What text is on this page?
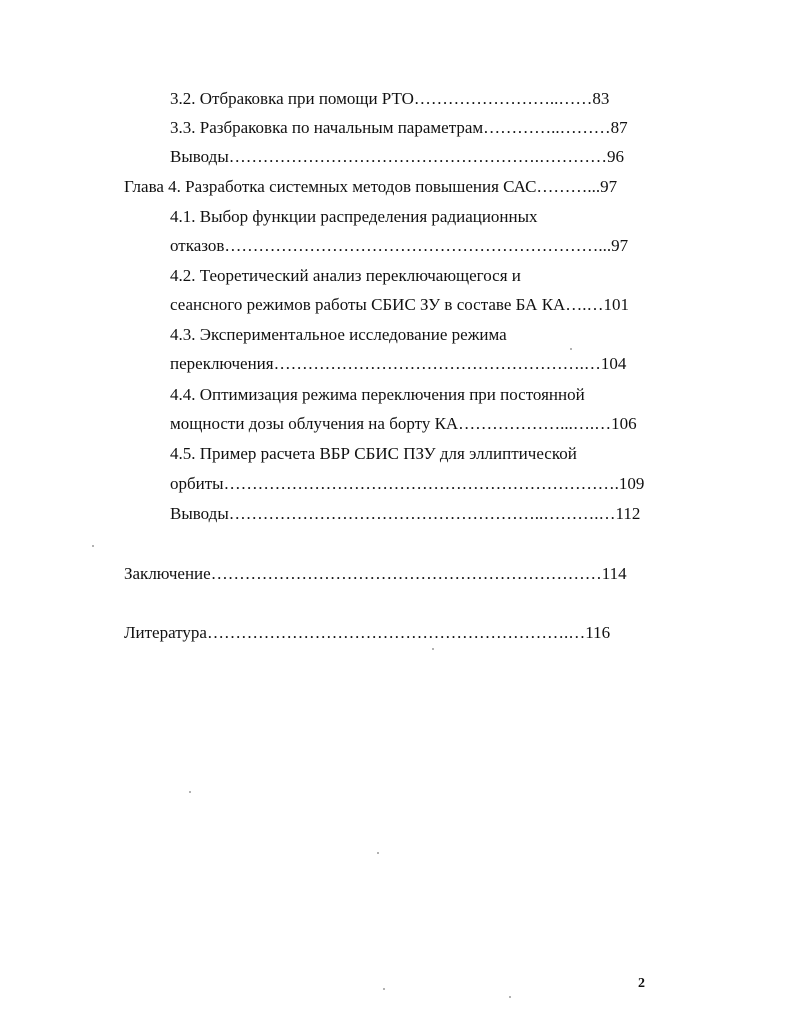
3.2. Отбраковка при помощи РТО……………………..……83
3.3. Разбраковка по начальным параметрам…………..………87
Выводы……………………………………………….…………96
Глава 4. Разработка системных методов повышения САС………...97
4.1. Выбор функции распределения радиационных
отказов…………………………………………………………...97
4.2. Теоретический анализ переключающегося и
сеансного режимов работы СБИС ЗУ в составе БА КА….…101
4.3. Экспериментальное исследование режима
переключения……………………………………………….…104
4.4. Оптимизация режима переключения при постоянной
мощности дозы облучения на борту КА………………...….…106
4.5. Пример расчета ВБР СБИС ПЗУ для эллиптической
орбиты…………………………………………………………….109
Выводы………………………………………………..……….…112
Заключение……………………………………………………………114
Литература……………………………………………………….…116
2
